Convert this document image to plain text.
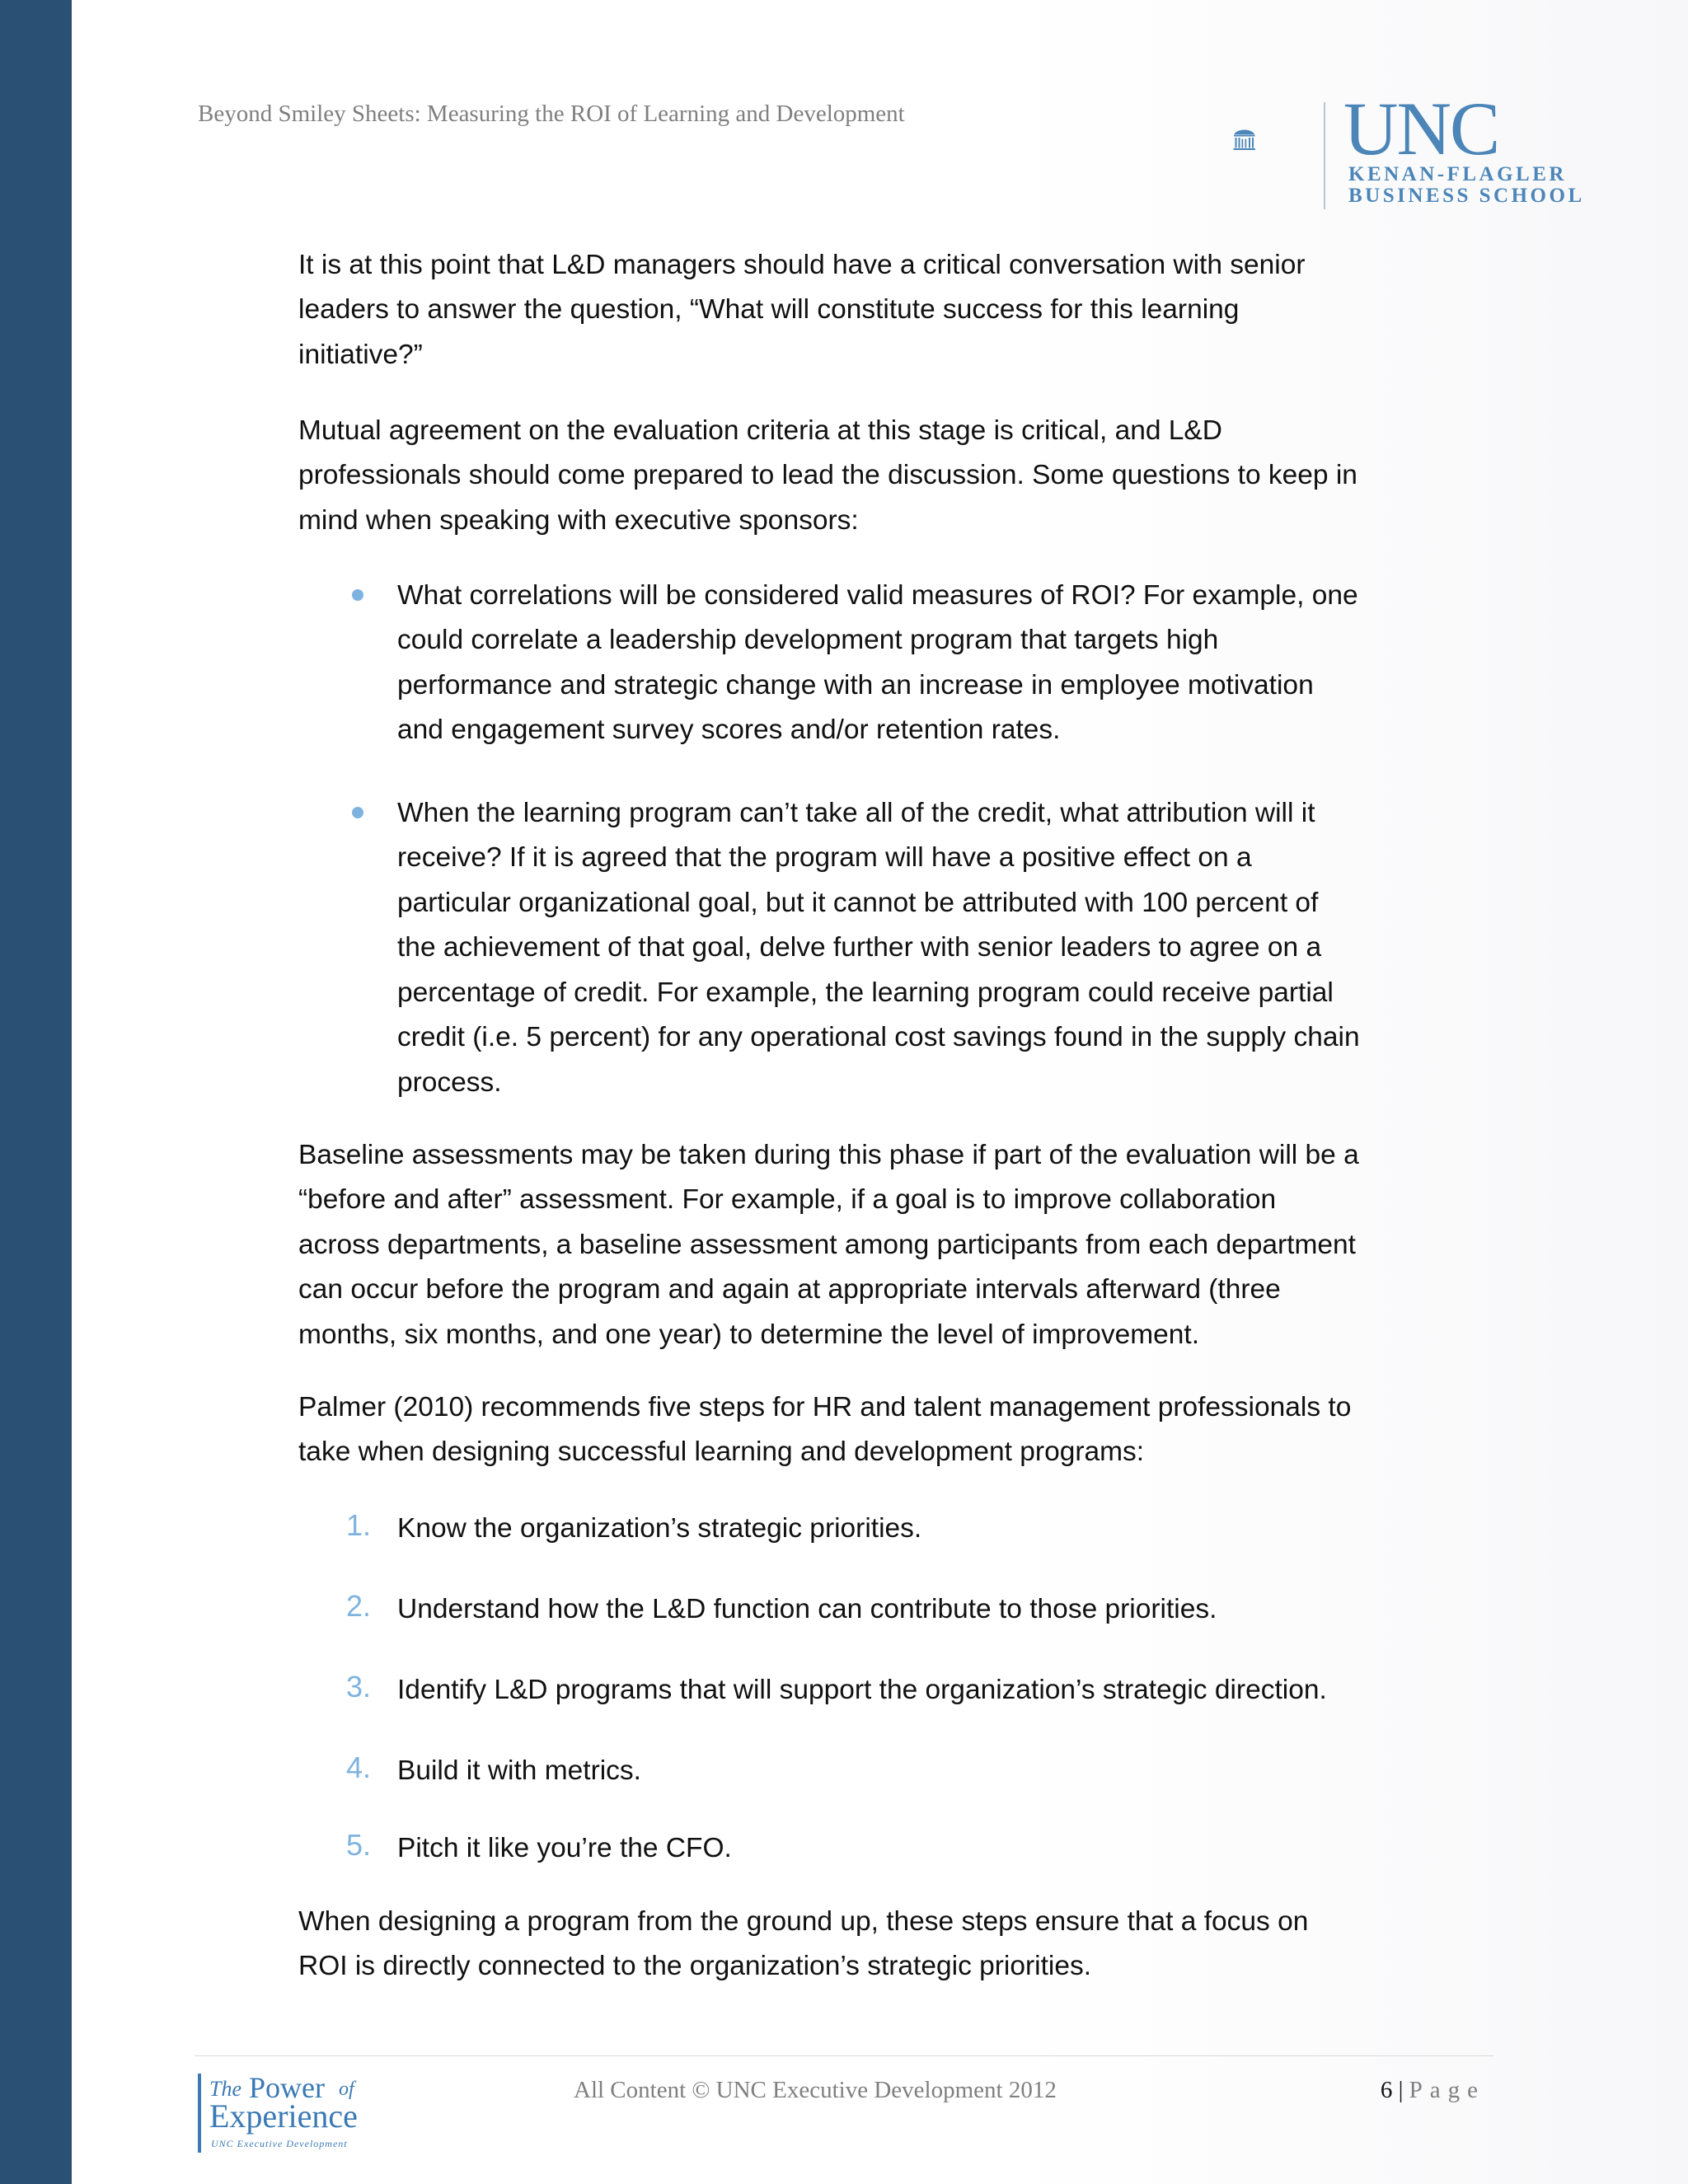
Beyond Smiley Sheets: Measuring the ROI of Learning and Development	UNC
KENAN-FLAGLER
BUSINESS SCHOOL
It is at this point that L&D managers should have a critical conversation with senior
leaders to answer the question, “What will constitute success for this learning
initiative?”
Mutual agreement on the evaluation criteria at this stage is critical, and L&D
professionals should come prepared to lead the discussion. Some questions to keep in
mind when speaking with executive sponsors:
What correlations will be considered valid measures of ROI? For example, one
could correlate a leadership development program that targets high
performance and strategic change with an increase in employee motivation
and engagement survey scores and/or retention rates.
When the learning program can’t take all of the credit, what attribution will it
receive? If it is agreed that the program will have a positive effect on a
particular organizational goal, but it cannot be attributed with 100 percent of
the achievement of that goal, delve further with senior leaders to agree on a
percentage of credit. For example, the learning program could receive partial
credit (i.e. 5 percent) for any operational cost savings found in the supply chain
process.
Baseline assessments may be taken during this phase if part of the evaluation will be a
“before and after” assessment. For example, if a goal is to improve collaboration
across departments, a baseline assessment among participants from each department
can occur before the program and again at appropriate intervals afterward (three
months, six months, and one year) to determine the level of improvement.
Palmer (2010) recommends five steps for HR and talent management professionals to
take when designing successful learning and development programs:
1. Know the organization’s strategic priorities.
2. Understand how the L&D function can contribute to those priorities.
3. Identify L&D programs that will support the organization’s strategic direction.
4. Build it with metrics.
5. Pitch it like you’re the CFO.
When designing a program from the ground up, these steps ensure that a focus on
ROI is directly connected to the organization’s strategic priorities.
The Power of
Experience
UNC Executive Development
All Content © UNC Executive Development 2012	6 | Page
